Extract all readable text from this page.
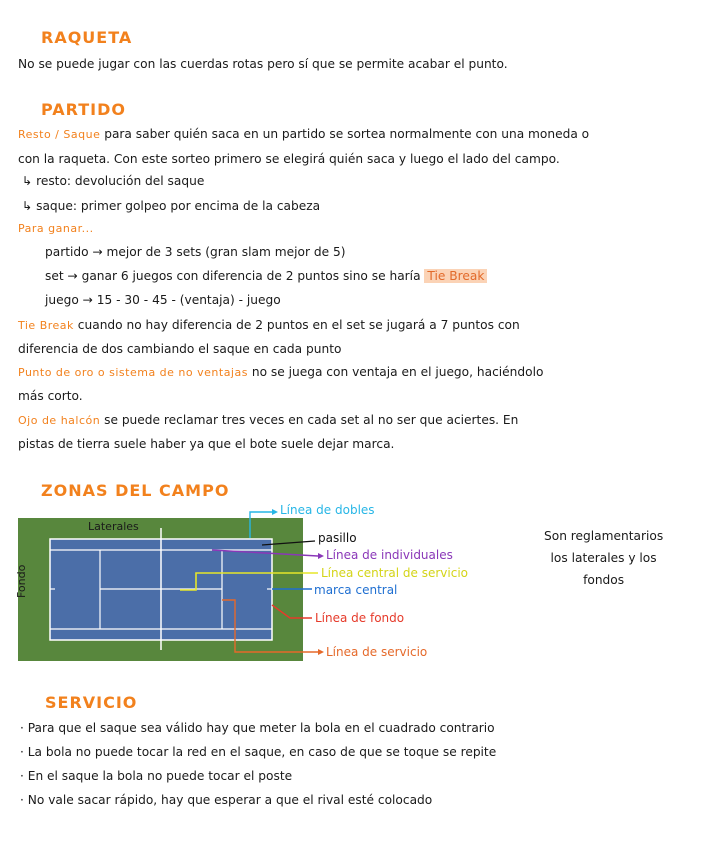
RAQUETA
No se puede jugar con las cuerdas rotas pero sí que se permite acabar el punto.
PARTIDO
Resto / Saque para saber quién saca en un partido se sortea normalmente con una moneda o
con la raqueta. Con este sorteo primero se elegirá quién saca y luego el lado del campo.
↳ resto: devolución del saque
↳ saque: primer golpeo por encima de la cabeza
Para ganar...
partido → mejor de 3 sets (gran slam mejor de 5)
set → ganar 6 juegos con diferencia de 2 puntos sino se haría Tie Break
juego → 15 - 30 - 45 - (ventaja) - juego
Tie Break cuando no hay diferencia de 2 puntos en el set se jugará a 7 puntos con
diferencia de dos cambiando el saque en cada punto
Punto de oro o sistema de no ventajas no se juega con ventaja en el juego, haciéndolo
más corto.
Ojo de halcón se puede reclamar tres veces en cada set al no ser que aciertes. En
pistas de tierra suele haber ya que el bote suele dejar marca.
ZONAS DEL CAMPO
Laterales
Fondo
Línea de dobles
pasillo
Línea de individuales
Línea central de servicio
marca central
Línea de fondo
Línea de servicio
Son reglamentarios
los laterales y los
fondos
SERVICIO
· Para que el saque sea válido hay que meter la bola en el cuadrado contrario
· La bola no puede tocar la red en el saque, en caso de que se toque se repite
· En el saque la bola no puede tocar el poste
· No vale sacar rápido, hay que esperar a que el rival esté colocado
